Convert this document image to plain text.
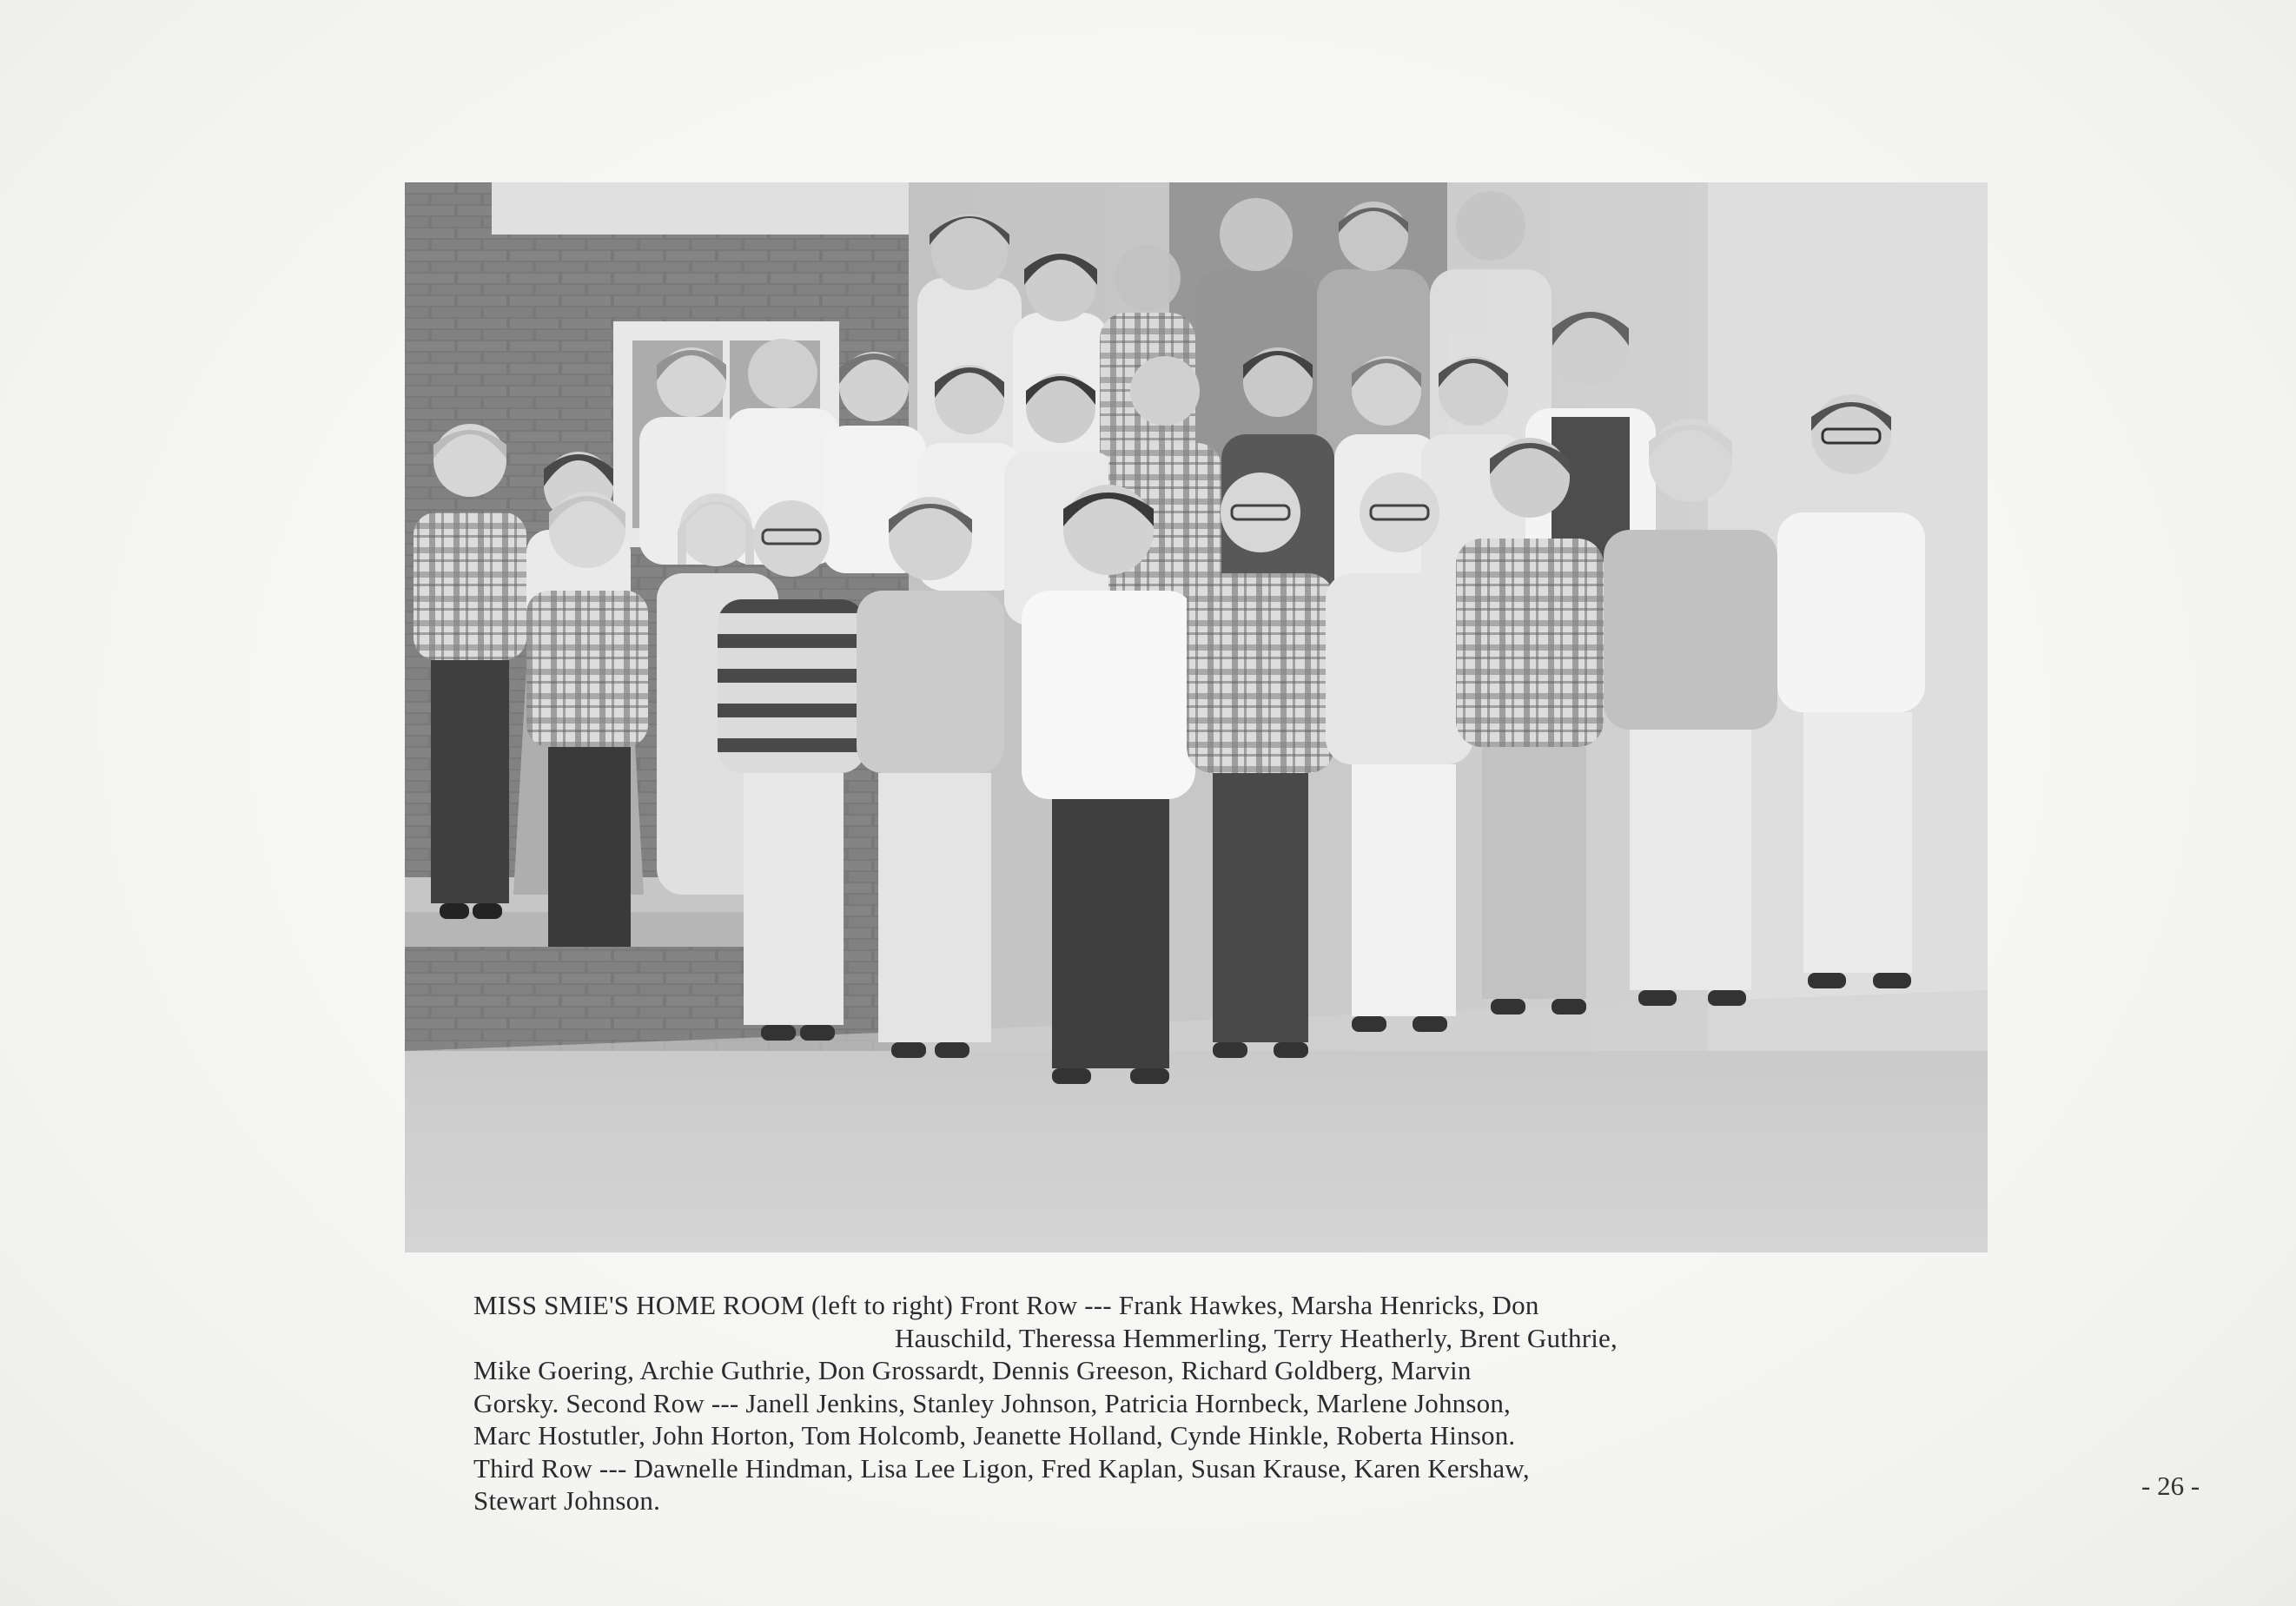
MISS SMIE'S HOME ROOM (left to right) Front Row --- Frank Hawkes, Marsha Henricks, Don
Hauschild, Theressa Hemmerling, Terry Heatherly, Brent Guthrie,
Mike Goering, Archie Guthrie, Don Grossardt, Dennis Greeson, Richard Goldberg, Marvin
Gorsky. Second Row --- Janell Jenkins, Stanley Johnson, Patricia Hornbeck, Marlene Johnson,
Marc Hostutler, John Horton, Tom Holcomb, Jeanette Holland, Cynde Hinkle, Roberta Hinson.
Third Row --- Dawnelle Hindman, Lisa Lee Ligon, Fred Kaplan, Susan Krause, Karen Kershaw,
Stewart Johnson.	- 26 -
